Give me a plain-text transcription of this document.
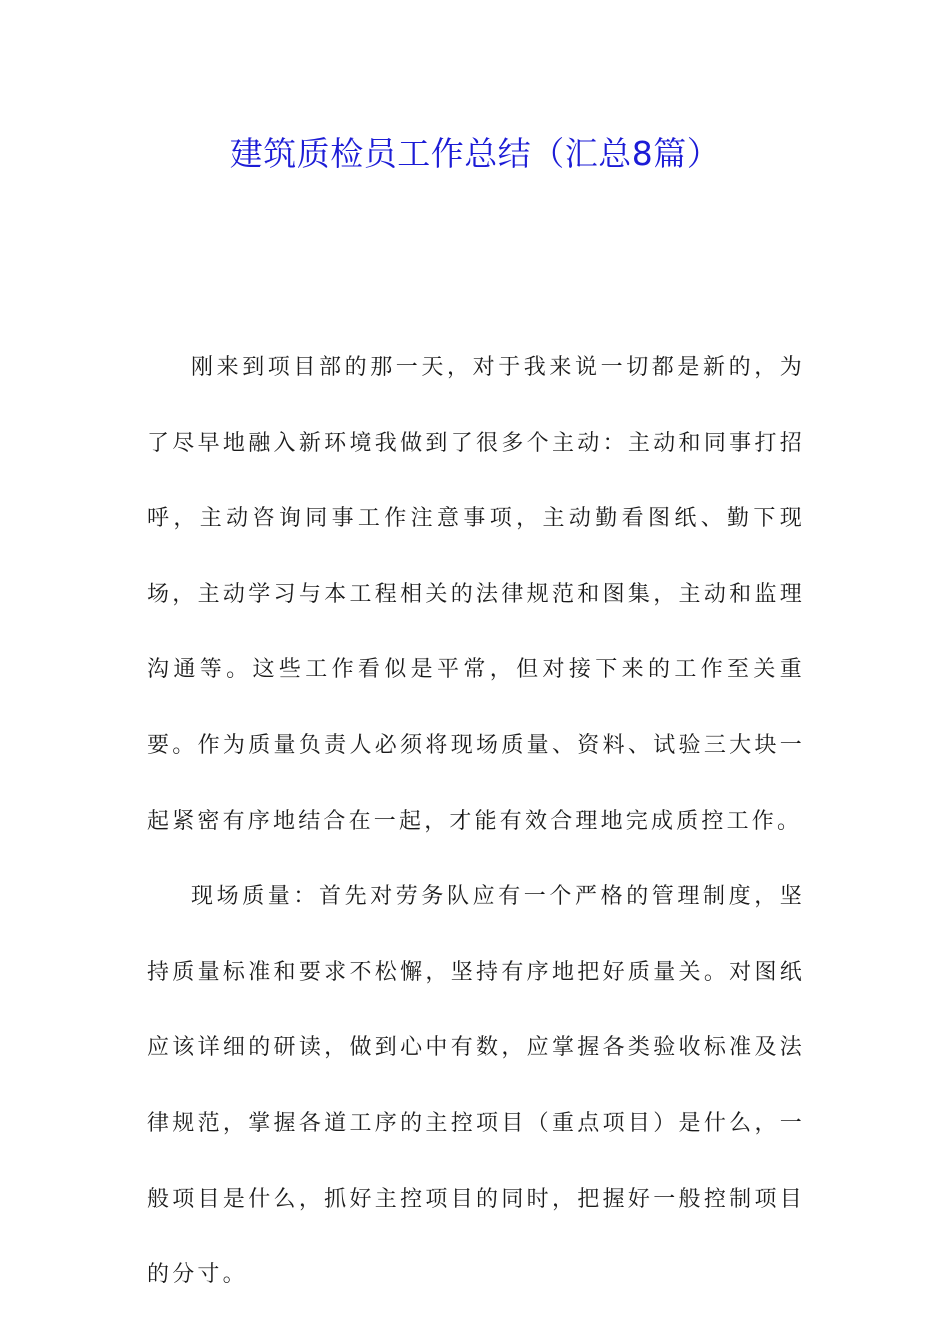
建筑质检员工作总结（汇总8篇）

刚来到项目部的那一天，对于我来说一切都是新的，为了尽早地融入新环境我做到了很多个主动：主动和同事打招呼，主动咨询同事工作注意事项，主动勤看图纸、勤下现场，主动学习与本工程相关的法律规范和图集，主动和监理沟通等。这些工作看似是平常，但对接下来的工作至关重要。作为质量负责人必须将现场质量、资料、试验三大块一起紧密有序地结合在一起，才能有效合理地完成质控工作。

现场质量：首先对劳务队应有一个严格的管理制度，坚持质量标准和要求不松懈，坚持有序地把好质量关。对图纸应该详细的研读，做到心中有数，应掌握各类验收标准及法律规范，掌握各道工序的主控项目（重点项目）是什么，一般项目是什么，抓好主控项目的同时，把握好一般控制项目的分寸。
